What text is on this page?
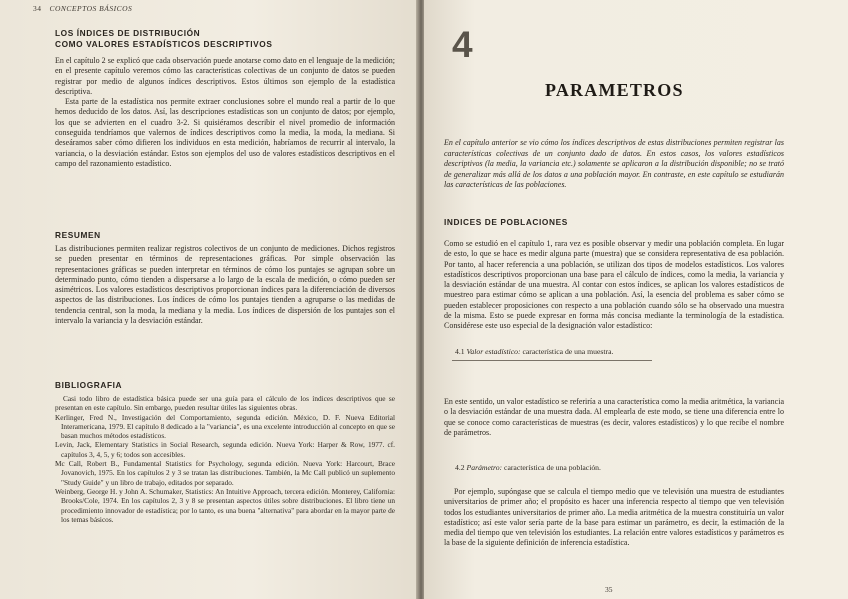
34 CONCEPTOS BÁSICOS
LOS ÍNDICES DE DISTRIBUCIÓN
COMO VALORES ESTADÍSTICOS DESCRIPTIVOS
En el capítulo 2 se explicó que cada observación puede anotarse como dato en el lenguaje de la medición; en el presente capítulo veremos cómo las características colectivas de un conjunto de datos se pueden registrar por medio de algunos índices descriptivos. Estos últimos son ejemplo de la estadística descriptiva.
Esta parte de la estadística nos permite extraer conclusiones sobre el mundo real a partir de lo que hemos deducido de los datos. Así, las descripciones estadísticas son un conjunto de datos; por ejemplo, los que se advierten en el cuadro 3-2. Si quisiéramos describir el nivel promedio de información conseguida tendríamos que valernos de índices descriptivos como la media, la moda, la mediana. Si deseáramos saber cómo difieren los individuos en esta medición, habríamos de recurrir al intervalo, la variancia, o la desviación estándar. Estos son ejemplos del uso de valores estadísticos descriptivos en el campo del razonamiento estadístico.
RESUMEN
Las distribuciones permiten realizar registros colectivos de un conjunto de mediciones. Dichos registros se pueden presentar en términos de representaciones gráficas. Por simple observación las representaciones gráficas se pueden interpretar en términos de cómo los puntajes se agrupan sobre un determinado punto, cómo tienden a dispersarse a lo largo de la escala de medición, o cómo pueden ser asimétricos. Los valores estadísticos descriptivos proporcionan índices para la diferenciación de diversos aspectos de las distribuciones. Los índices de cómo los puntajes tienden a agruparse o las medidas de tendencia central, son la moda, la mediana y la media. Los índices de dispersión de los puntajes son el intervalo la variancia y la desviación estándar.
BIBLIOGRAFIA
Casi todo libro de estadística básica puede ser una guía para el cálculo de los índices descriptivos que se presentan en este capítulo. Sin embargo, pueden resultar útiles las siguientes obras.
Kerlinger, Fred N., Investigación del Comportamiento, segunda edición. México, D. F. Nueva Editorial Interamericana, 1979. El capítulo 8 dedicado a la "variancia", es una excelente introducción al concepto en que se basan muchos métodos estadísticos.
Levin, Jack, Elementary Statistics in Social Research, segunda edición. Nueva York: Harper & Row, 1977. cf. capítulos 3, 4, 5, y 6; todos son accesibles.
Mc Call, Robert B., Fundamental Statistics for Psychology, segunda edición. Nueva York: Harcourt, Brace Jovanovich, 1975. En los capítulos 2 y 3 se tratan las distribuciones. También, la Mc Call publicó un suplemento "Study Guide" y un libro de trabajo, editados por separado.
Weinberg, George H. y John A. Schumaker, Statistics: An Intuitive Approach, tercera edición. Monterey, California: Brooks/Cole, 1974. En los capítulos 2, 3 y 8 se presentan aspectos útiles sobre distribuciones. El libro tiene un procedimiento innovador de estadística; por lo tanto, es una buena "alternativa" para abordar en la mayor parte de los temas básicos.
4
PARAMETROS
En el capítulo anterior se vio cómo los índices descriptivos de estas distribuciones permiten registrar las características colectivas de un conjunto dado de datos. En estos casos, los valores estadísticos descriptivos (la media, la variancia etc.) solamente se aplicaron a la distribución disponible; no se trató de generalizar más allá de los datos a una población mayor. En contraste, en este capítulo se estudiarán las características de las poblaciones.
INDICES DE POBLACIONES
Como se estudió en el capítulo 1, rara vez es posible observar y medir una población completa. En lugar de esto, lo que se hace es medir alguna parte (muestra) que se considera representativa de esa población. Por tanto, al hacer referencia a una población, se utilizan dos tipos de modelos estadísticos. Los valores estadísticos descriptivos proporcionan una base para el cálculo de índices, como la media, la variancia y la desviación estándar de una muestra. Al contar con estos índices, se aplican los valores estadísticos de muestreo para estimar cómo se aplican a una población. Así, la esencia del problema es saber cómo se pueden establecer proposiciones con respecto a una población cuando sólo se ha observado una muestra de la misma. Esto se puede expresar en forma más concisa mediante la terminología de la estadística. Considérese este uso especial de la designación valor estadístico:
4.1 Valor estadístico: característica de una muestra.
En este sentido, un valor estadístico se referiría a una característica como la media aritmética, la variancia o la desviación estándar de una muestra dada. Al emplearla de este modo, se tiene una diferencia entre lo que se conoce como características de muestras (es decir, valores estadísticos) y lo que recibe el nombre de parámetros.
4.2 Parámetro: característica de una población.
Por ejemplo, supóngase que se calcula el tiempo medio que ve televisión una muestra de estudiantes universitarios de primer año; el propósito es hacer una inferencia respecto al tiempo que ven televisión todos los estudiantes universitarios de primer año. La media aritmética de la muestra constituiría un valor estadístico; así este valor sería parte de la base para estimar un parámetro, es decir, la estimación de la media del tiempo que ven televisión los estudiantes. La relación entre valores estadísticos y parámetros es la base de la siguiente definición de inferencia estadística.
35
